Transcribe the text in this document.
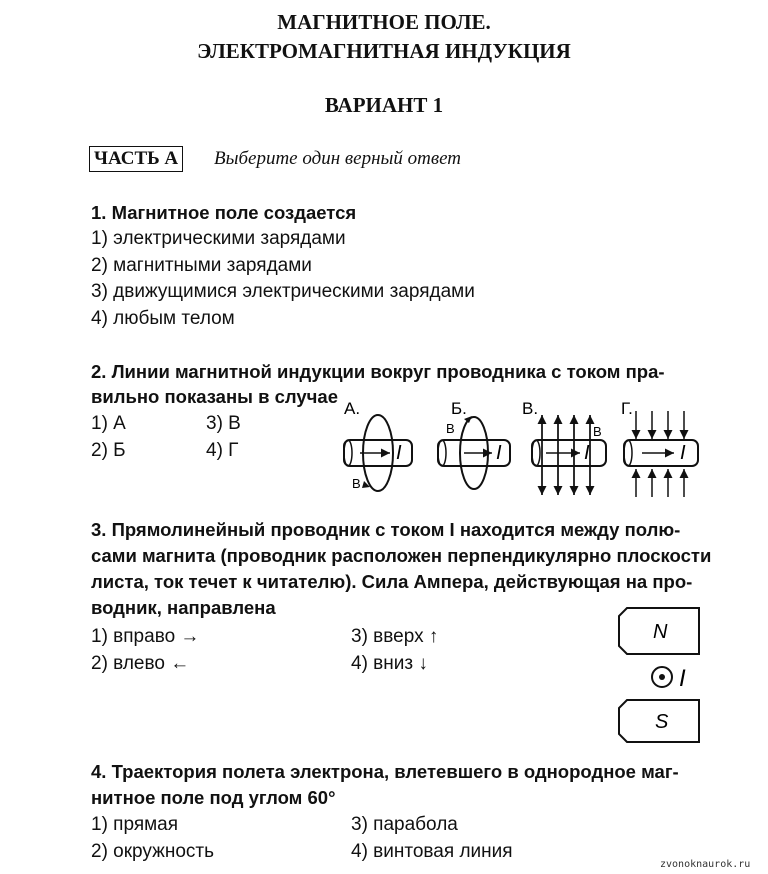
МАГНИТНОЕ ПОЛЕ.
ЭЛЕКТРОМАГНИТНАЯ ИНДУКЦИЯ
ВАРИАНТ 1
ЧАСТЬ А Выберите один верный ответ
1. Магнитное поле создается
1) электрическими зарядами
2) магнитными зарядами
3) движущимися электрическими зарядами
4) любым телом
2. Линии магнитной индукции вокруг проводника с током пра-
вильно показаны в случае
1) А	3) В
2) Б	4) Г
А.
I
В
Б.
I
В
В.
I
В
Г.
I
3. Прямолинейный проводник с током I находится между полю-
сами магнита (проводник расположен перпендикулярно плоскости
листа, ток течет к читателю). Сила Ампера, действующая на про-
водник, направлена
1) вправо →	3) вверх ↑
2) влево ←	4) вниз ↓
N
I
S
4. Траектория полета электрона, влетевшего в однородное маг-
нитное поле под углом 60°
1) прямая	3) парабола
2) окружность	4) винтовая линия
zvonoknaurok.ru
